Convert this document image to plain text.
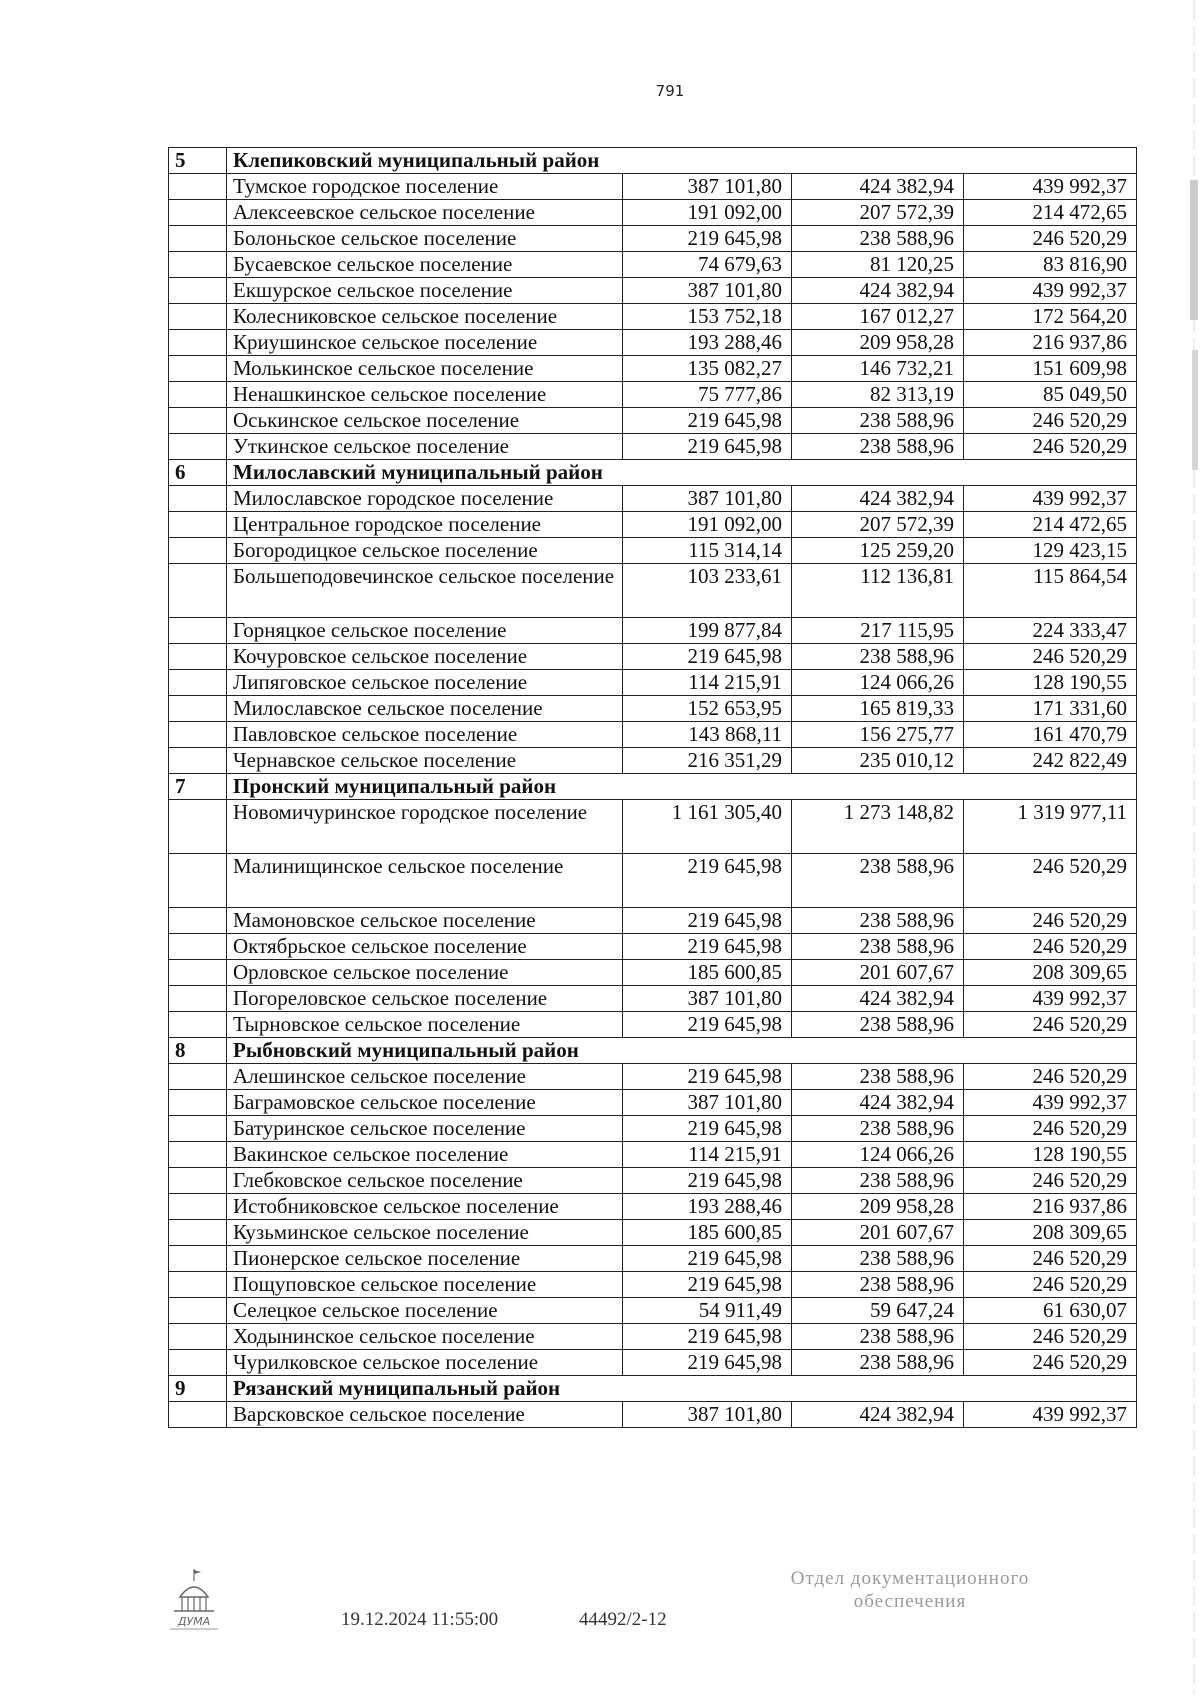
791
5	Клепиковский муниципальный район			
	Тумское городское поселение	387 101,80	424 382,94	439 992,37
	Алексеевское сельское поселение	191 092,00	207 572,39	214 472,65
	Болоньское сельское поселение	219 645,98	238 588,96	246 520,29
	Бусаевское сельское поселение	74 679,63	81 120,25	83 816,90
	Екшурское сельское поселение	387 101,80	424 382,94	439 992,37
	Колесниковское сельское поселение	153 752,18	167 012,27	172 564,20
	Криушинское сельское поселение	193 288,46	209 958,28	216 937,86
	Молькинское сельское поселение	135 082,27	146 732,21	151 609,98
	Ненашкинское сельское поселение	75 777,86	82 313,19	85 049,50
	Оськинское сельское поселение	219 645,98	238 588,96	246 520,29
	Уткинское сельское поселение	219 645,98	238 588,96	246 520,29
6	Милославский муниципальный район			
	Милославское городское поселение	387 101,80	424 382,94	439 992,37
	Центральное городское поселение	191 092,00	207 572,39	214 472,65
	Богородицкое сельское поселение	115 314,14	125 259,20	129 423,15
	Большеподовечинское сельское поселение	103 233,61	112 136,81	115 864,54
	Горняцкое сельское поселение	199 877,84	217 115,95	224 333,47
	Кочуровское сельское поселение	219 645,98	238 588,96	246 520,29
	Липяговское сельское поселение	114 215,91	124 066,26	128 190,55
	Милославское сельское поселение	152 653,95	165 819,33	171 331,60
	Павловское сельское поселение	143 868,11	156 275,77	161 470,79
	Чернавское сельское поселение	216 351,29	235 010,12	242 822,49
7	Пронский муниципальный район			
	Новомичуринское городское поселение	1 161 305,40	1 273 148,82	1 319 977,11
	Малинищинское сельское поселение	219 645,98	238 588,96	246 520,29
	Мамоновское сельское поселение	219 645,98	238 588,96	246 520,29
	Октябрьское сельское поселение	219 645,98	238 588,96	246 520,29
	Орловское сельское поселение	185 600,85	201 607,67	208 309,65
	Погореловское сельское поселение	387 101,80	424 382,94	439 992,37
	Тырновское сельское поселение	219 645,98	238 588,96	246 520,29
8	Рыбновский муниципальный район			
	Алешинское сельское поселение	219 645,98	238 588,96	246 520,29
	Баграмовское сельское поселение	387 101,80	424 382,94	439 992,37
	Батуринское сельское поселение	219 645,98	238 588,96	246 520,29
	Вакинское сельское поселение	114 215,91	124 066,26	128 190,55
	Глебковское сельское поселение	219 645,98	238 588,96	246 520,29
	Истобниковское сельское поселение	193 288,46	209 958,28	216 937,86
	Кузьминское сельское поселение	185 600,85	201 607,67	208 309,65
	Пионерское сельское поселение	219 645,98	238 588,96	246 520,29
	Пощуповское сельское поселение	219 645,98	238 588,96	246 520,29
	Селецкое сельское поселение	54 911,49	59 647,24	61 630,07
	Ходынинское сельское поселение	219 645,98	238 588,96	246 520,29
	Чурилковское сельское поселение	219 645,98	238 588,96	246 520,29
9	Рязанский муниципальный район			
	Варсковское сельское поселение	387 101,80	424 382,94	439 992,37
ДУМА	19.12.2024 11:55:00	44492/2-12
Отдел документационного
обеспечения
